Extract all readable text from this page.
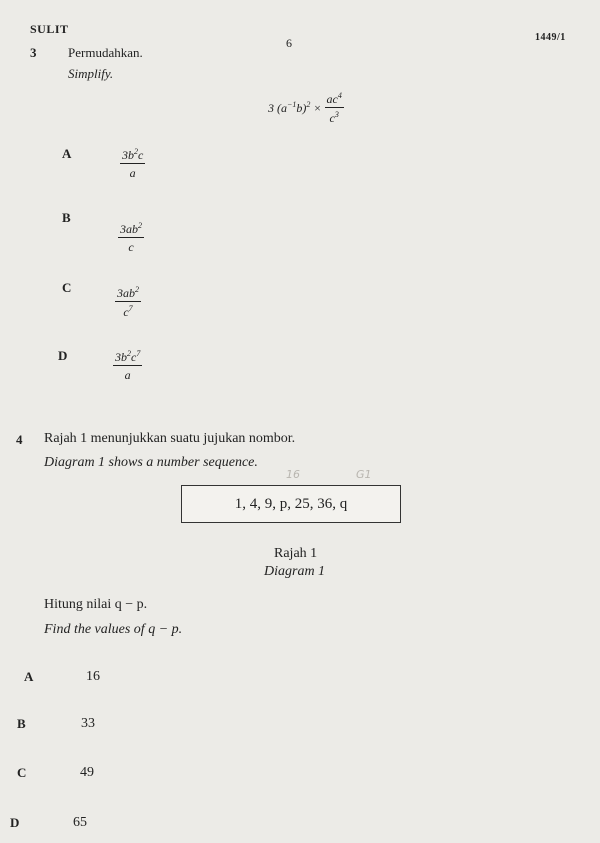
SULIT
6	1449/1
3 Permudahkan.
Simplify.
3 $(a^{-1}b)^2 \times \frac{ac^4}{c^3}$
A	$\frac{3b^2c}{a}$
B
$\frac{3ab^2}{c}$
C	$\frac{3ab^2}{c^7}$
D	$\frac{3b^2c^7}{a}$
4 Rajah 1 menunjukkan suatu jujukan nombor.
Diagram 1 shows a number sequence.
16	G1
1, 4, 9, p, 25, 36, q
Rajah 1
Diagram 1
Hitung nilai q − p.
Find the values of q − p.
A	16
B	33
C	49
D	65
